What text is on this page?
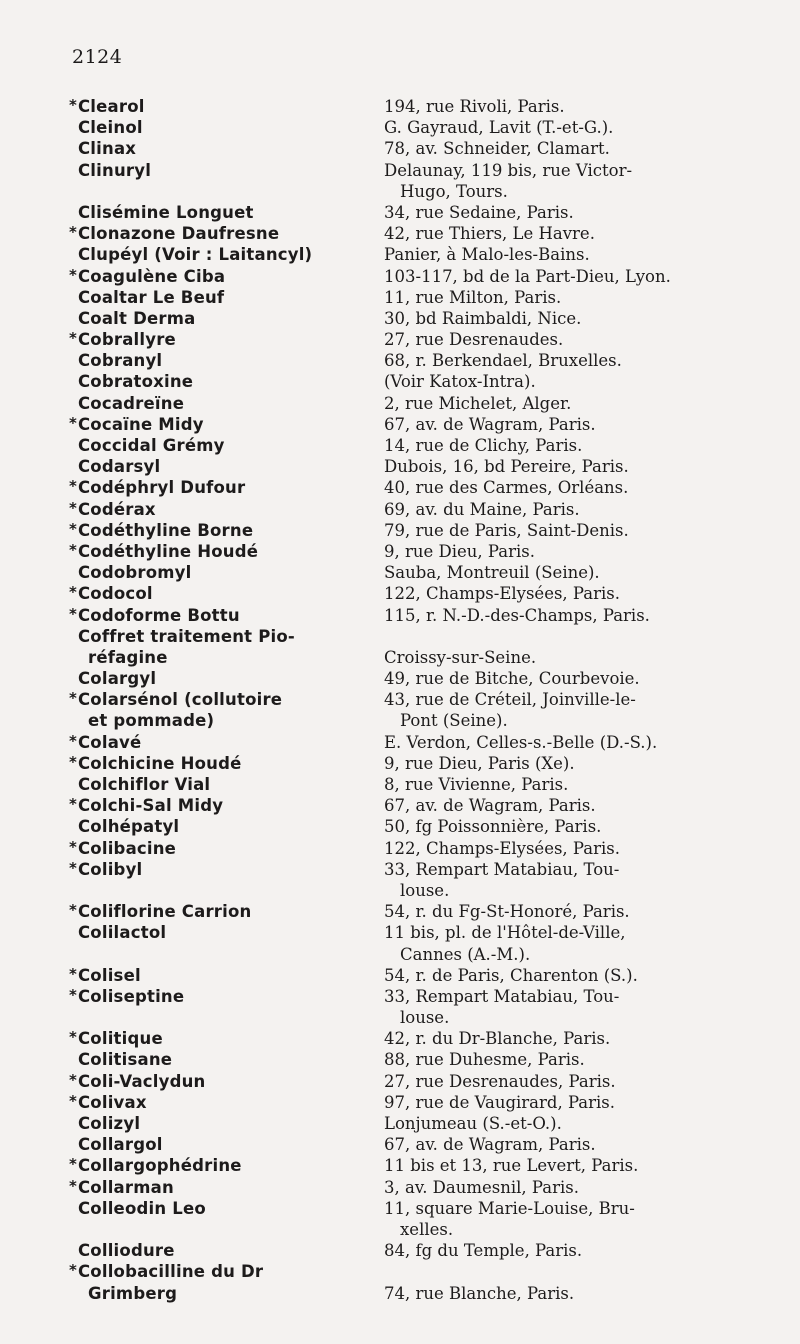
2124
* Clearol	194, rue Rivoli, Paris.
Cleinol	G. Gayraud, Lavit (T.-et-G.).
Clinax	78, av. Schneider, Clamart.
Clinuryl	Delaunay, 119 bis, rue Victor-
Hugo, Tours.
Clisémine Longuet	34, rue Sedaine, Paris.
* Clonazone Daufresne	42, rue Thiers, Le Havre.
Clupéyl (Voir : Laitancyl)	Panier, à Malo-les-Bains.
* Coagulène Ciba	103-117, bd de la Part-Dieu, Lyon.
Coaltar Le Beuf	11, rue Milton, Paris.
Coalt Derma	30, bd Raimbaldi, Nice.
* Cobrallyre	27, rue Desrenaudes.
Cobranyl	68, r. Berkendael, Bruxelles.
Cobratoxine	(Voir Katox-Intra).
Cocadreïne	2, rue Michelet, Alger.
* Cocaïne Midy	67, av. de Wagram, Paris.
Coccidal Grémy	14, rue de Clichy, Paris.
Codarsyl	Dubois, 16, bd Pereire, Paris.
* Codéphryl Dufour	40, rue des Carmes, Orléans.
* Codérax	69, av. du Maine, Paris.
* Codéthyline Borne	79, rue de Paris, Saint-Denis.
* Codéthyline Houdé	9, rue Dieu, Paris.
Codobromyl	Sauba, Montreuil (Seine).
* Codocol	122, Champs-Elysées, Paris.
* Codoforme Bottu	115, r. N.-D.-des-Champs, Paris.
Coffret traitement Pio-
réfagine	Croissy-sur-Seine.
Colargyl	49, rue de Bitche, Courbevoie.
* Colarsénol (collutoire	43, rue de Créteil, Joinville-le-
et pommade)	Pont (Seine).
* Colavé	E. Verdon, Celles-s.-Belle (D.-S.).
* Colchicine Houdé	9, rue Dieu, Paris (Xe).
Colchiflor Vial	8, rue Vivienne, Paris.
* Colchi-Sal Midy	67, av. de Wagram, Paris.
Colhépatyl	50, fg Poissonnière, Paris.
* Colibacine	122, Champs-Elysées, Paris.
* Colibyl	33, Rempart Matabiau, Tou-
louse.
* Coliflorine Carrion	54, r. du Fg-St-Honoré, Paris.
Colilactol	11 bis, pl. de l'Hôtel-de-Ville,
Cannes (A.-M.).
* Colisel	54, r. de Paris, Charenton (S.).
* Coliseptine	33, Rempart Matabiau, Tou-
louse.
* Colitique	42, r. du Dr-Blanche, Paris.
Colitisane	88, rue Duhesme, Paris.
* Coli-Vaclydun	27, rue Desrenaudes, Paris.
* Colivax	97, rue de Vaugirard, Paris.
Colizyl	Lonjumeau (S.-et-O.).
Collargol	67, av. de Wagram, Paris.
* Collargophédrine	11 bis et 13, rue Levert, Paris.
* Collarman	3, av. Daumesnil, Paris.
Colleodin Leo	11, square Marie-Louise, Bru-
xelles.
Colliodure	84, fg du Temple, Paris.
* Collobacilline du Dr
Grimberg	74, rue Blanche, Paris.
